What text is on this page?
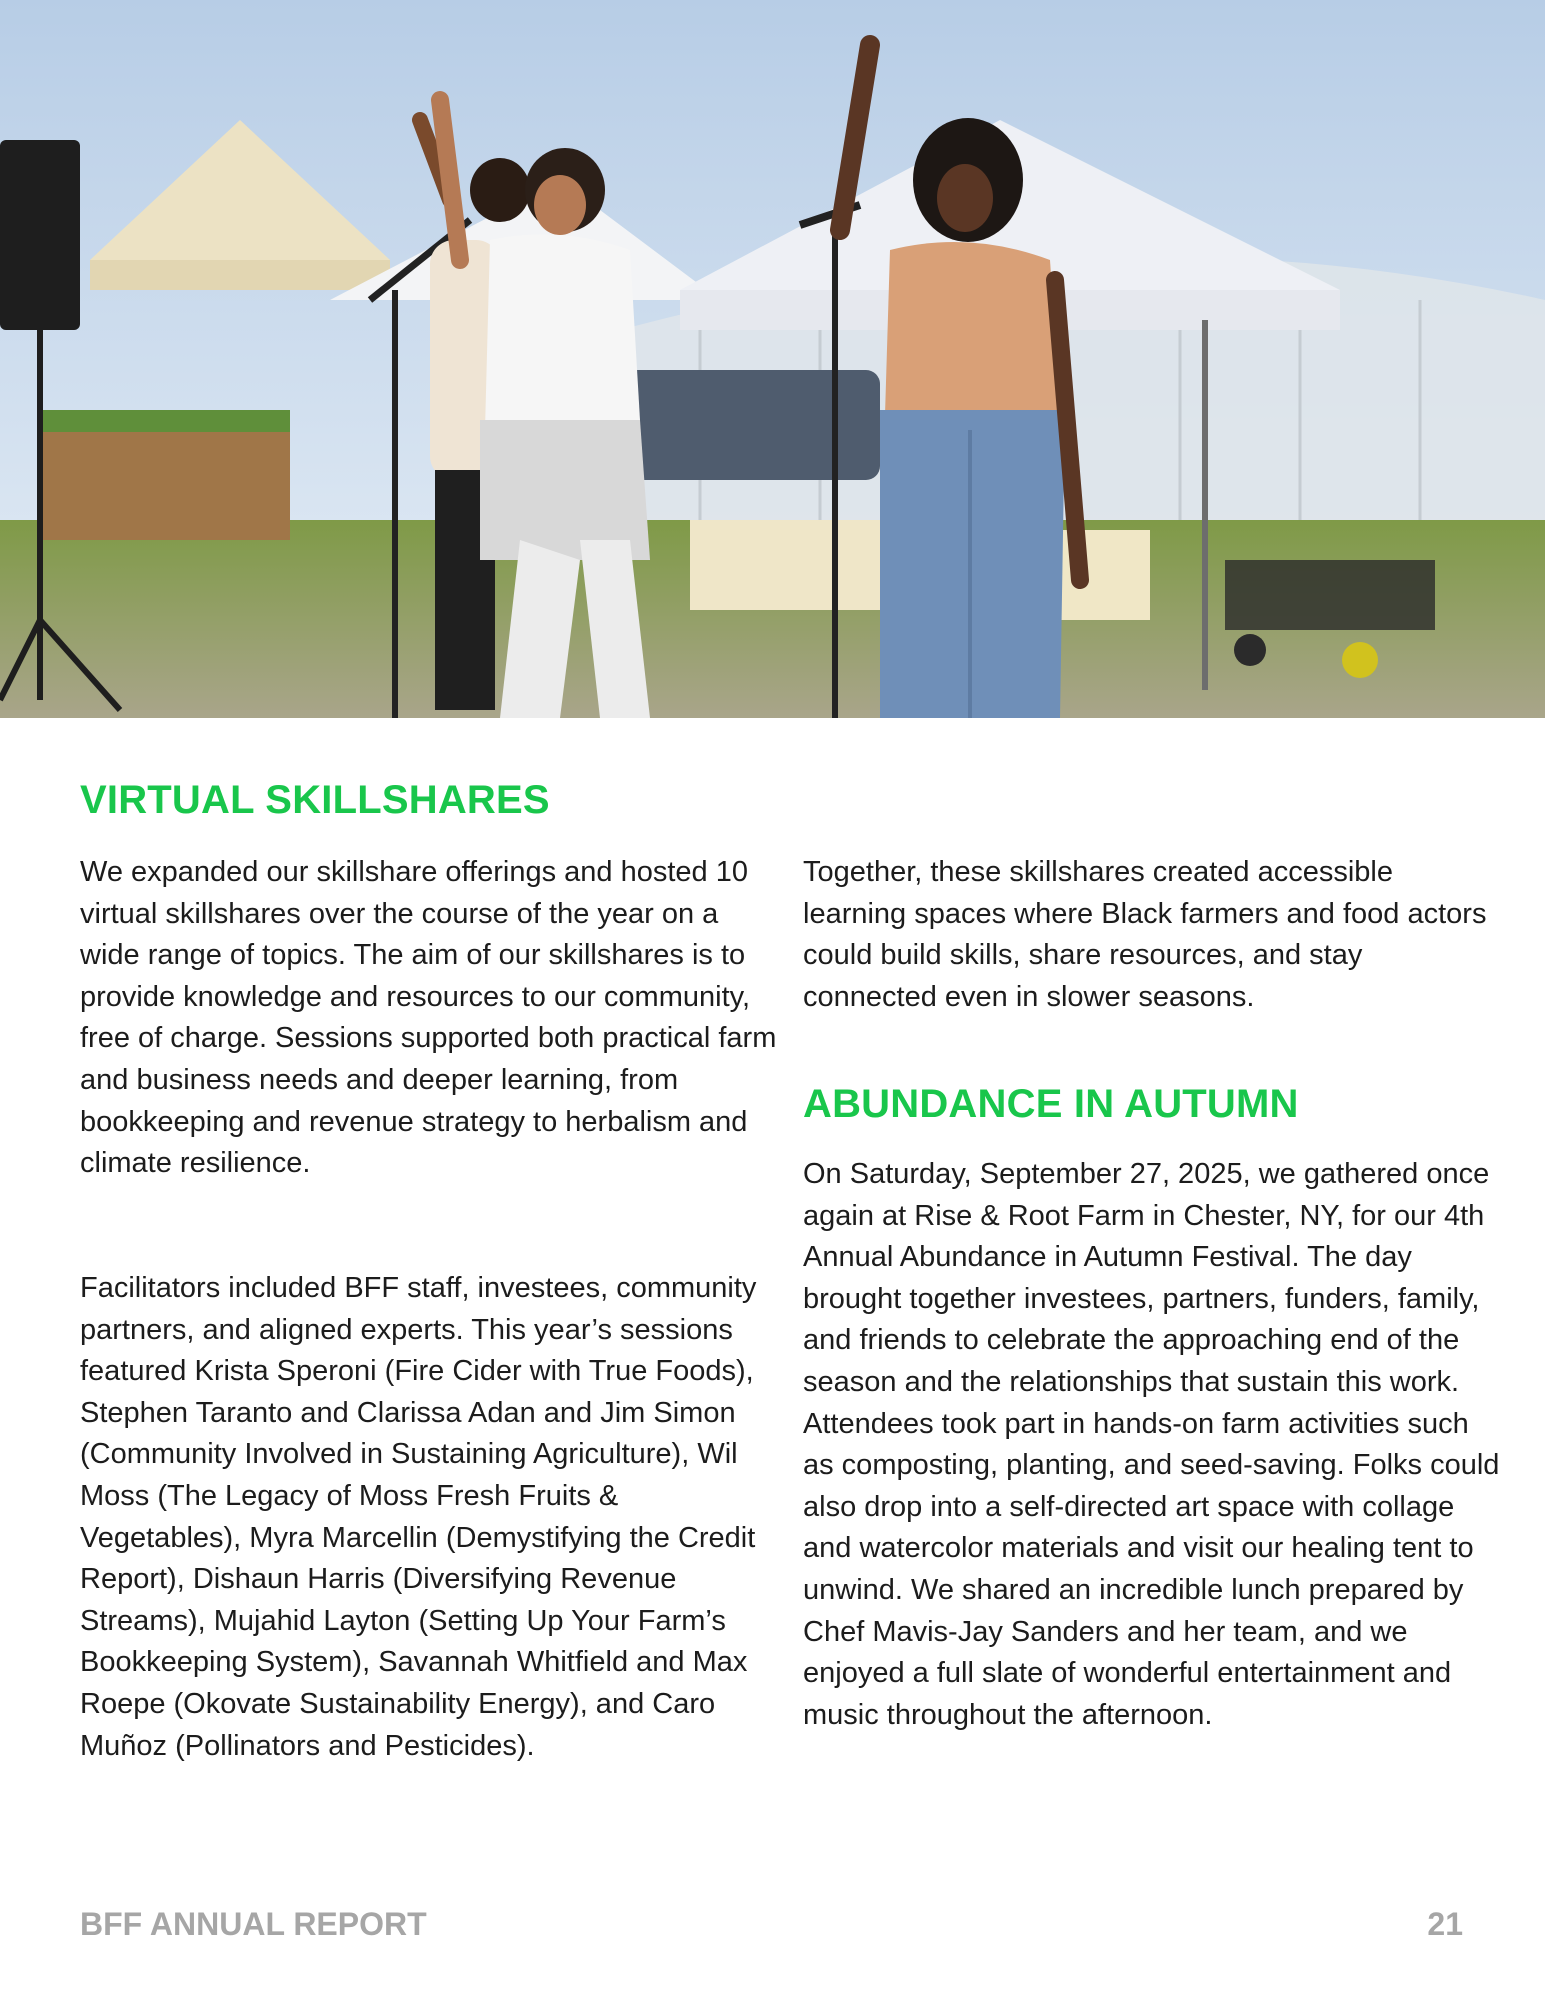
VIRTUAL SKILLSHARES

We expanded our skillshare offerings and hosted 10 virtual skillshares over the course of the year on a wide range of topics. The aim of our skillshares is to provide knowledge and resources to our community, free of charge. Sessions supported both practical farm and business needs and deeper learning, from bookkeeping and revenue strategy to herbalism and climate resilience.

Facilitators included BFF staff, investees, community partners, and aligned experts. This year’s sessions featured Krista Speroni (Fire Cider with True Foods), Stephen Taranto and Clarissa Adan and Jim Simon (Community Involved in Sustaining Agriculture), Wil Moss (The Legacy of Moss Fresh Fruits & Vegetables), Myra Marcellin (Demystifying the Credit Report), Dishaun Harris (Diversifying Revenue Streams), Mujahid Layton (Setting Up Your Farm’s Bookkeeping System), Savannah Whitfield and Max Roepe (Okovate Sustainability Energy), and Caro Muñoz (Pollinators and Pesticides).

Together, these skillshares created accessible learning spaces where Black farmers and food actors could build skills, share resources, and stay connected even in slower seasons.

ABUNDANCE IN AUTUMN

On Saturday, September 27, 2025, we gathered once again at Rise & Root Farm in Chester, NY, for our 4th Annual Abundance in Autumn Festival. The day brought together investees, partners, funders, family, and friends to celebrate the approaching end of the season and the relationships that sustain this work. Attendees took part in hands-on farm activities such as composting, planting, and seed-saving. Folks could also drop into a self-directed art space with collage and watercolor materials and visit our healing tent to unwind. We shared an incredible lunch prepared by Chef Mavis-Jay Sanders and her team, and we enjoyed a full slate of wonderful entertainment and music throughout the afternoon.

BFF ANNUAL REPORT	21
